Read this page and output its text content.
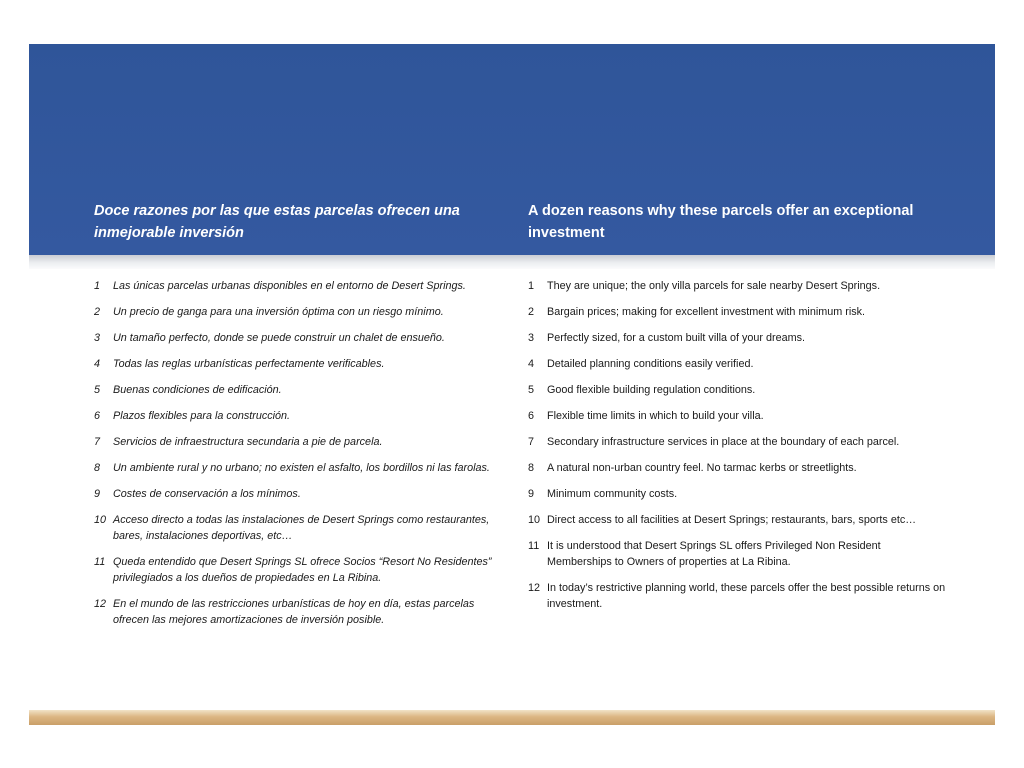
Doce razones por las que estas parcelas ofrecen una inmejorable inversión
A dozen reasons why these parcels offer an exceptional investment
1 Las únicas parcelas urbanas disponibles en el entorno de Desert Springs.
2 Un precio de ganga para una inversión óptima con un riesgo mínimo.
3 Un tamaño perfecto, donde se puede construir un chalet de ensueño.
4 Todas las reglas urbanísticas perfectamente verificables.
5 Buenas condiciones de edificación.
6 Plazos flexibles para la construcción.
7 Servicios de infraestructura secundaria a pie de parcela.
8 Un ambiente rural y no urbano; no existen el asfalto, los bordillos ni las farolas.
9 Costes de conservación a los mínimos.
10 Acceso directo a todas las instalaciones de Desert Springs como restaurantes, bares, instalaciones deportivas, etc…
11 Queda entendido que Desert Springs SL ofrece Socios “Resort No Residentes” privilegiados a los dueños de propiedades en La Ribina.
12 En el mundo de las restricciones urbanísticas de hoy en día, estas parcelas ofrecen las mejores amortizaciones de inversión posible.
1 They are unique; the only villa parcels for sale nearby Desert Springs.
2 Bargain prices; making for excellent investment with minimum risk.
3 Perfectly sized, for a custom built villa of your dreams.
4 Detailed planning conditions easily verified.
5 Good flexible building regulation conditions.
6 Flexible time limits in which to build your villa.
7 Secondary infrastructure services in place at the boundary of each parcel.
8 A natural non-urban country feel. No tarmac kerbs or streetlights.
9 Minimum community costs.
10 Direct access to all facilities at Desert Springs; restaurants, bars, sports etc…
11 It is understood that Desert Springs SL offers Privileged Non Resident Memberships to Owners of properties at La Ribina.
12 In today’s restrictive planning world, these parcels offer the best possible returns on investment.
